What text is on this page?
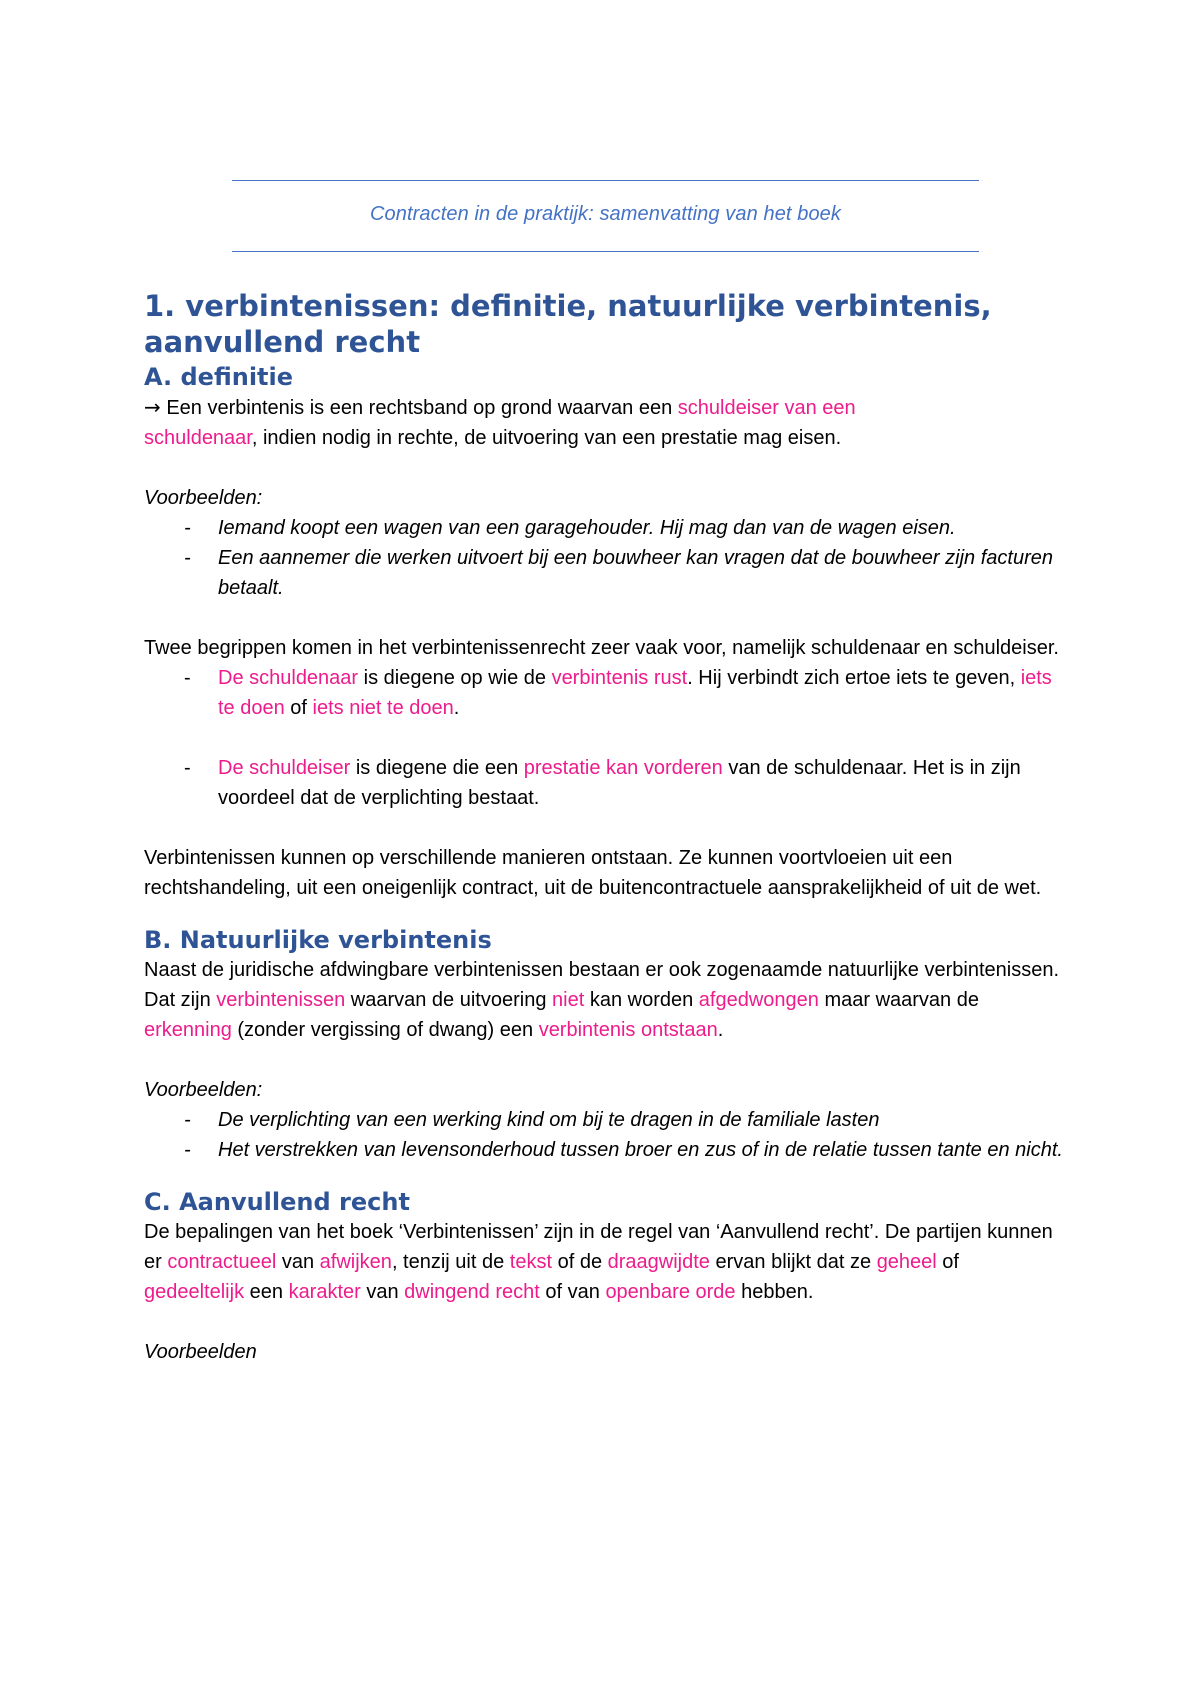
Contracten in de praktijk: samenvatting van het boek
1. verbintenissen: definitie, natuurlijke verbintenis,
aanvullend recht
A. definitie

→ Een verbintenis is een rechtsband op grond waarvan een schuldeiser van een
schuldenaar, indien nodig in rechte, de uitvoering van een prestatie mag eisen.

Voorbeelden:

- Iemand koopt een wagen van een garagehouder. Hij mag dan van de wagen eisen.
- Een aannemer die werken uitvoert bij een bouwheer kan vragen dat de bouwheer zijn facturen betaalt.

Twee begrippen komen in het verbintenissenrecht zeer vaak voor, namelijk schuldenaar en schuldeiser.

- De schuldenaar is diegene op wie de verbintenis rust. Hij verbindt zich ertoe iets te geven, iets te doen of iets niet te doen.
- De schuldeiser is diegene die een prestatie kan vorderen van de schuldenaar. Het is in zijn voordeel dat de verplichting bestaat.

Verbintenissen kunnen op verschillende manieren ontstaan. Ze kunnen voortvloeien uit een rechtshandeling, uit een oneigenlijk contract, uit de buitencontractuele aansprakelijkheid of uit de wet.

B. Natuurlijke verbintenis

Naast de juridische afdwingbare verbintenissen bestaan er ook zogenaamde natuurlijke verbintenissen. Dat zijn verbintenissen waarvan de uitvoering niet kan worden afgedwongen maar waarvan de erkenning (zonder vergissing of dwang) een verbintenis ontstaan.

Voorbeelden:

- De verplichting van een werking kind om bij te dragen in de familiale lasten
- Het verstrekken van levensonderhoud tussen broer en zus of in de relatie tussen tante en nicht.
C. Aanvullend recht

De bepalingen van het boek ‘Verbintenissen’ zijn in de regel van ‘Aanvullend recht’. De partijen kunnen er contractueel van afwijken, tenzij uit de tekst of de draagwijdte ervan blijkt dat ze geheel of gedeeltelijk een karakter van dwingend recht of van openbare orde hebben.

Voorbeelden
